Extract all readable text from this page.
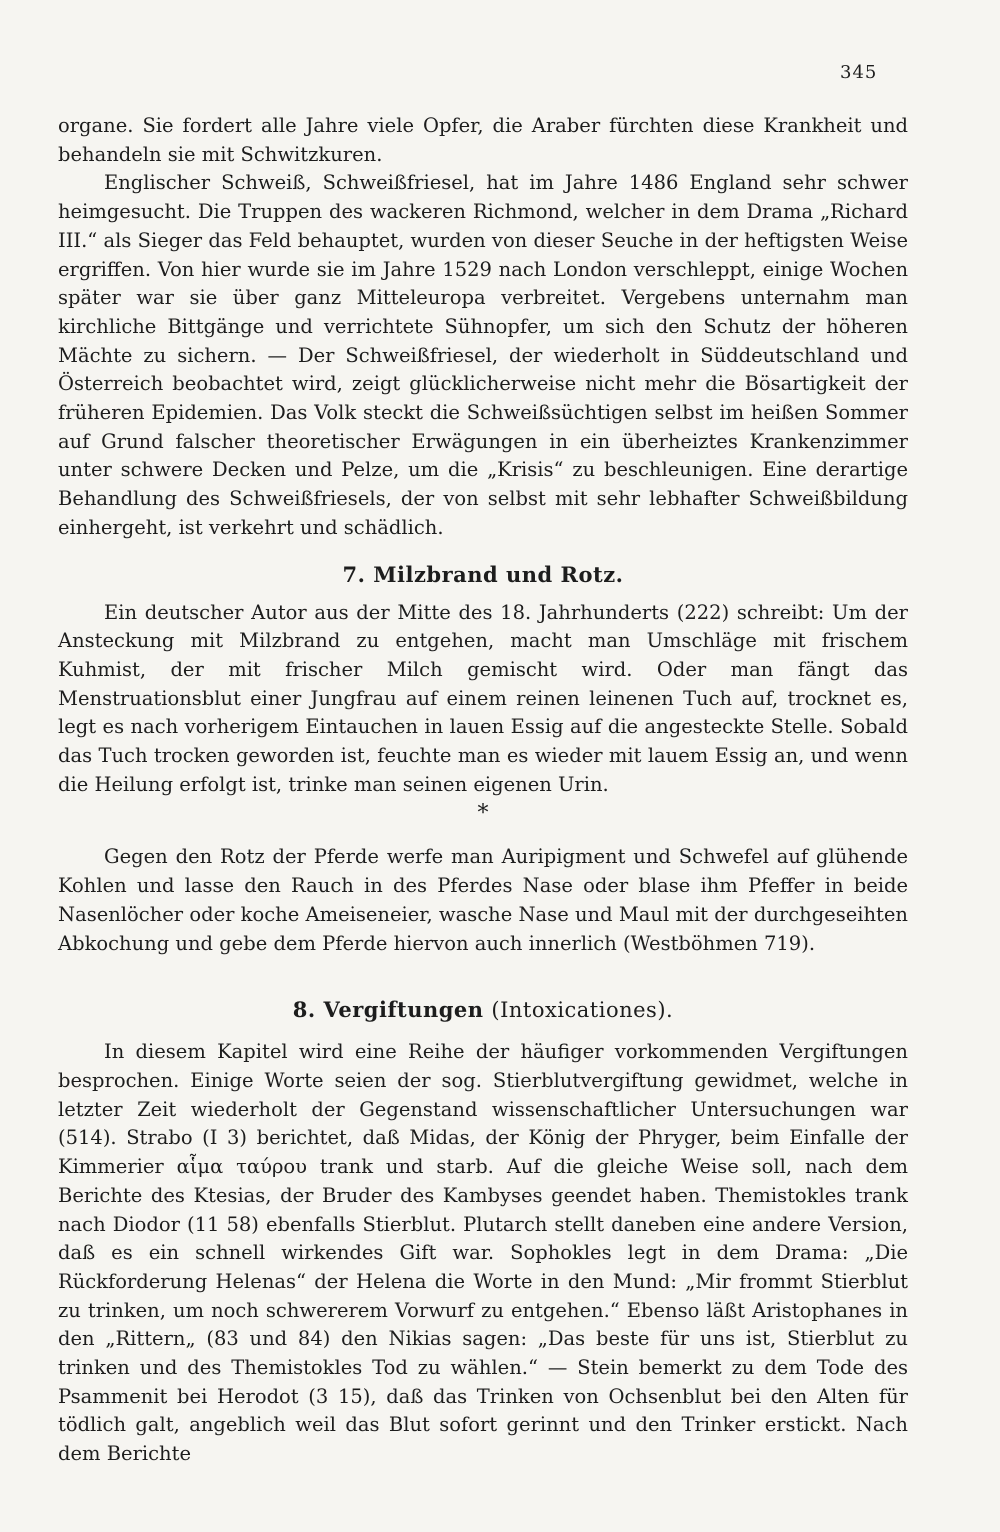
345

organe. Sie fordert alle Jahre viele Opfer, die Araber fürchten diese Krankheit und behandeln sie mit Schwitzkuren.

Englischer Schweiß, Schweißfriesel, hat im Jahre 1486 England sehr schwer heimgesucht. Die Truppen des wackeren Richmond, welcher in dem Drama „Richard III.“ als Sieger das Feld behauptet, wurden von dieser Seuche in der heftigsten Weise ergriffen. Von hier wurde sie im Jahre 1529 nach London verschleppt, einige Wochen später war sie über ganz Mitteleuropa verbreitet. Vergebens unternahm man kirchliche Bittgänge und verrichtete Sühnopfer, um sich den Schutz der höheren Mächte zu sichern. — Der Schweißfriesel, der wiederholt in Süddeutschland und Österreich beobachtet wird, zeigt glücklicherweise nicht mehr die Bösartigkeit der früheren Epidemien. Das Volk steckt die Schweißsüchtigen selbst im heißen Sommer auf Grund falscher theoretischer Erwägungen in ein überheiztes Krankenzimmer unter schwere Decken und Pelze, um die „Krisis“ zu beschleunigen. Eine derartige Behandlung des Schweißfriesels, der von selbst mit sehr lebhafter Schweißbildung einhergeht, ist verkehrt und schädlich.

7. Milzbrand und Rotz.

Ein deutscher Autor aus der Mitte des 18. Jahrhunderts (222) schreibt: Um der Ansteckung mit Milzbrand zu entgehen, macht man Umschläge mit frischem Kuhmist, der mit frischer Milch gemischt wird. Oder man fängt das Menstruationsblut einer Jungfrau auf einem reinen leinenen Tuch auf, trocknet es, legt es nach vorherigem Eintauchen in lauen Essig auf die angesteckte Stelle. Sobald das Tuch trocken geworden ist, feuchte man es wieder mit lauem Essig an, und wenn die Heilung erfolgt ist, trinke man seinen eigenen Urin.

*

Gegen den Rotz der Pferde werfe man Auripigment und Schwefel auf glühende Kohlen und lasse den Rauch in des Pferdes Nase oder blase ihm Pfeffer in beide Nasenlöcher oder koche Ameiseneier, wasche Nase und Maul mit der durchgeseihten Abkochung und gebe dem Pferde hiervon auch innerlich (Westböhmen 719).

8. Vergiftungen (Intoxicationes).

In diesem Kapitel wird eine Reihe der häufiger vorkommenden Vergiftungen besprochen. Einige Worte seien der sog. Stierblutvergiftung gewidmet, welche in letzter Zeit wiederholt der Gegenstand wissenschaftlicher Untersuchungen war (514). Strabo (I 3) berichtet, daß Midas, der König der Phryger, beim Einfalle der Kimmerier αἷμα ταύρου trank und starb. Auf die gleiche Weise soll, nach dem Berichte des Ktesias, der Bruder des Kambyses geendet haben. Themistokles trank nach Diodor (11 58) ebenfalls Stierblut. Plutarch stellt daneben eine andere Version, daß es ein schnell wirkendes Gift war. Sophokles legt in dem Drama: „Die Rückforderung Helenas“ der Helena die Worte in den Mund: „Mir frommt Stierblut zu trinken, um noch schwererem Vorwurf zu entgehen.“ Ebenso läßt Aristophanes in den „Rittern„ (83 und 84) den Nikias sagen: „Das beste für uns ist, Stierblut zu trinken und des Themistokles Tod zu wählen.“ — Stein bemerkt zu dem Tode des Psammenit bei Herodot (3 15), daß das Trinken von Ochsenblut bei den Alten für tödlich galt, angeblich weil das Blut sofort gerinnt und den Trinker erstickt. Nach dem Berichte
